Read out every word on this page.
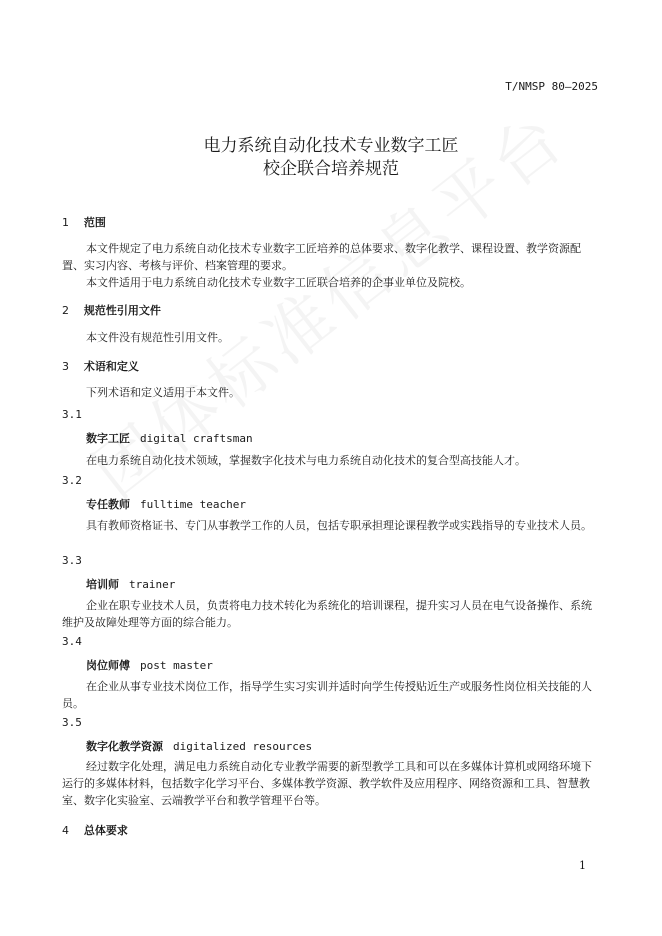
T/NMSP 80—2025
电力系统自动化技术专业数字工匠
校企联合培养规范
1 范围
本文件规定了电力系统自动化技术专业数字工匠培养的总体要求、数字化教学、课程设置、教学资源配置、实习内容、考核与评价、档案管理的要求。
本文件适用于电力系统自动化技术专业数字工匠联合培养的企事业单位及院校。
2 规范性引用文件
本文件没有规范性引用文件。
3 术语和定义
下列术语和定义适用于本文件。
3.1
数字工匠 digital craftsman
在电力系统自动化技术领域，掌握数字化技术与电力系统自动化技术的复合型高技能人才。
3.2
专任教师 fulltime teacher
具有教师资格证书、专门从事教学工作的人员，包括专职承担理论课程教学或实践指导的专业技术人员。
3.3
培训师 trainer
企业在职专业技术人员，负责将电力技术转化为系统化的培训课程，提升实习人员在电气设备操作、系统维护及故障处理等方面的综合能力。
3.4
岗位师傅 post master
在企业从事专业技术岗位工作，指导学生实习实训并适时向学生传授贴近生产或服务性岗位相关技能的人员。
3.5
数字化教学资源 digitalized resources
经过数字化处理，满足电力系统自动化专业教学需要的新型教学工具和可以在多媒体计算机或网络环境下运行的多媒体材料，包括数字化学习平台、多媒体教学资源、教学软件及应用程序、网络资源和工具、智慧教室、数字化实验室、云端教学平台和教学管理平台等。
4 总体要求
1
